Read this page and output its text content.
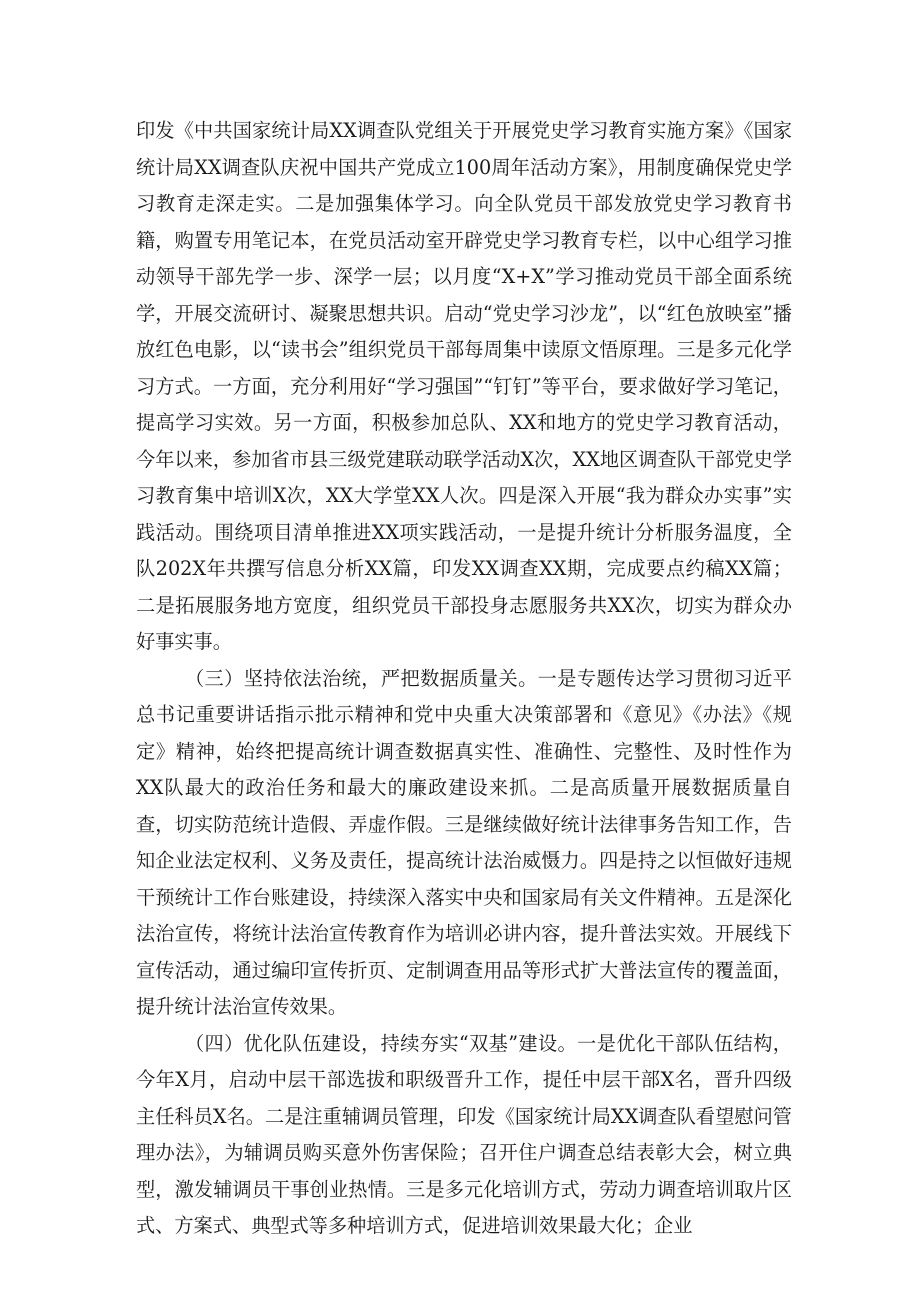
印发《中共国家统计局XX调查队党组关于开展党史学习教育实施方案》《国家统计局XX调查队庆祝中国共产党成立100周年活动方案》，用制度确保党史学习教育走深走实。二是加强集体学习。向全队党员干部发放党史学习教育书籍，购置专用笔记本，在党员活动室开辟党史学习教育专栏，以中心组学习推动领导干部先学一步、深学一层；以月度“X+X”学习推动党员干部全面系统学，开展交流研讨、凝聚思想共识。启动“党史学习沙龙”，以“红色放映室”播放红色电影，以“读书会”组织党员干部每周集中读原文悟原理。三是多元化学习方式。一方面，充分利用好“学习强国”“钉钉”等平台，要求做好学习笔记，提高学习实效。另一方面，积极参加总队、XX和地方的党史学习教育活动，今年以来，参加省市县三级党建联动联学活动X次，XX地区调查队干部党史学习教育集中培训X次，XX大学堂XX人次。四是深入开展“我为群众办实事”实践活动。围绕项目清单推进XX项实践活动，一是提升统计分析服务温度，全队202X年共撰写信息分析XX篇，印发XX调查XX期，完成要点约稿XX篇；二是拓展服务地方宽度，组织党员干部投身志愿服务共XX次，切实为群众办好事实事。

（三）坚持依法治统，严把数据质量关。一是专题传达学习贯彻习近平总书记重要讲话指示批示精神和党中央重大决策部署和《意见》《办法》《规定》精神，始终把提高统计调查数据真实性、准确性、完整性、及时性作为XX队最大的政治任务和最大的廉政建设来抓。二是高质量开展数据质量自查，切实防范统计造假、弄虚作假。三是继续做好统计法律事务告知工作，告知企业法定权利、义务及责任，提高统计法治威慑力。四是持之以恒做好违规干预统计工作台账建设，持续深入落实中央和国家局有关文件精神。五是深化法治宣传，将统计法治宣传教育作为培训必讲内容，提升普法实效。开展线下宣传活动，通过编印宣传折页、定制调查用品等形式扩大普法宣传的覆盖面，提升统计法治宣传效果。

（四）优化队伍建设，持续夯实“双基”建设。一是优化干部队伍结构，今年X月，启动中层干部选拔和职级晋升工作，提任中层干部X名，晋升四级主任科员X名。二是注重辅调员管理，印发《国家统计局XX调查队看望慰问管理办法》，为辅调员购买意外伤害保险；召开住户调查总结表彰大会，树立典型，激发辅调员干事创业热情。三是多元化培训方式，劳动力调查培训取片区式、方案式、典型式等多种培训方式，促进培训效果最大化；企业
